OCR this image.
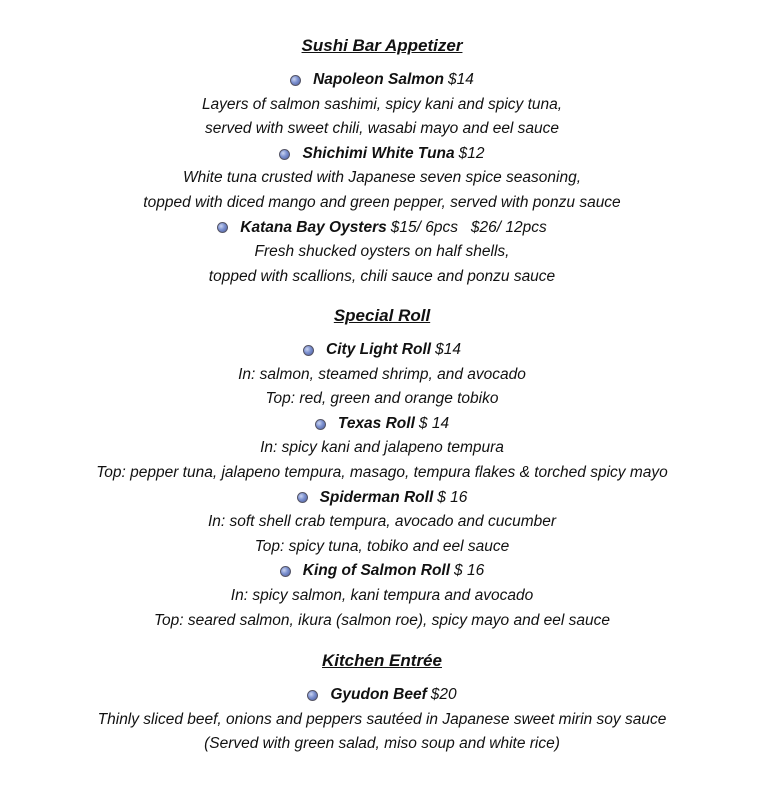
Sushi Bar Appetizer
Napoleon Salmon $14
Layers of salmon sashimi, spicy kani and spicy tuna,
served with sweet chili, wasabi mayo and eel sauce
Shichimi White Tuna $12
White tuna crusted with Japanese seven spice seasoning,
topped with diced mango and green pepper, served with ponzu sauce
Katana Bay Oysters $15/ 6pcs   $26/ 12pcs
Fresh shucked oysters on half shells,
topped with scallions, chili sauce and ponzu sauce
Special Roll
City Light Roll $14
In: salmon, steamed shrimp, and avocado
Top: red, green and orange tobiko
Texas Roll $ 14
In: spicy kani and jalapeno tempura
Top: pepper tuna, jalapeno tempura, masago, tempura flakes & torched spicy mayo
Spiderman Roll $ 16
In: soft shell crab tempura, avocado and cucumber
Top: spicy tuna, tobiko and eel sauce
King of Salmon Roll $ 16
In: spicy salmon, kani tempura and avocado
Top: seared salmon, ikura (salmon roe), spicy mayo and eel sauce
Kitchen Entrée
Gyudon Beef $20
Thinly sliced beef, onions and peppers sautéed in Japanese sweet mirin soy sauce
(Served with green salad, miso soup and white rice)
